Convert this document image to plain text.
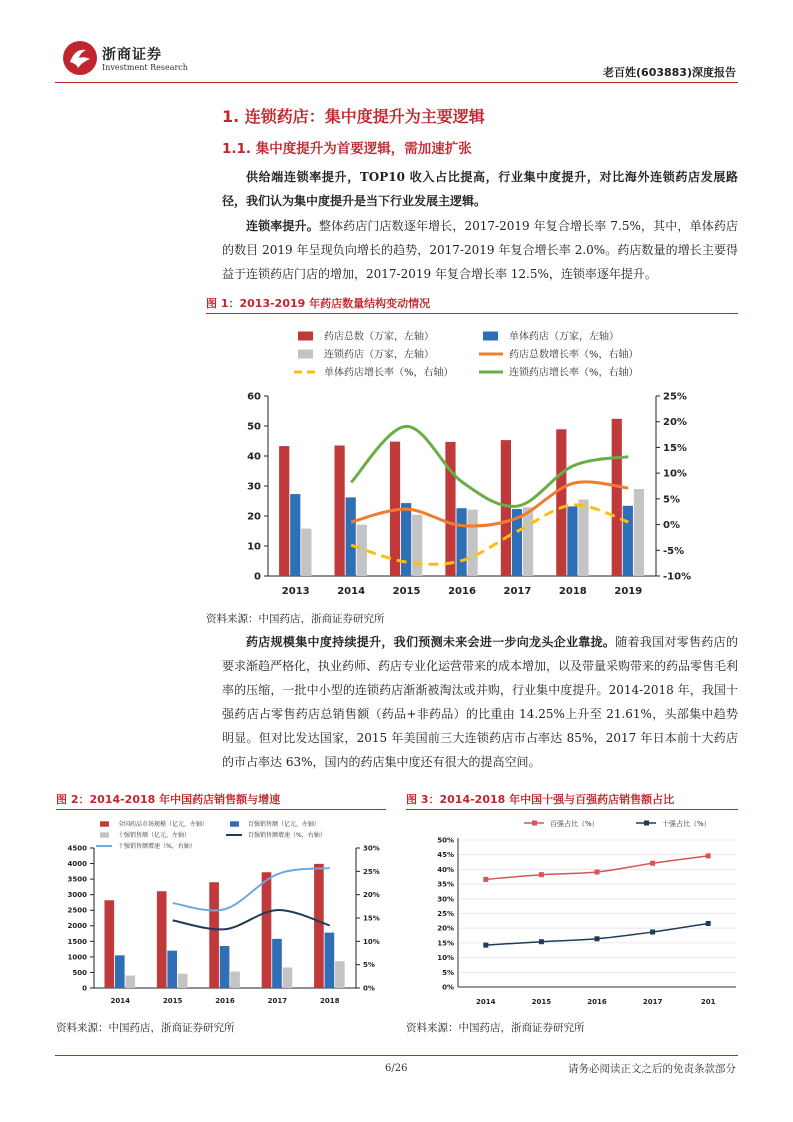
浙商证券
Investment Research	老百姓(603883)深度报告
1. 连锁药店：集中度提升为主要逻辑
1.1. 集中度提升为首要逻辑，需加速扩张
供给端连锁率提升，TOP10 收入占比提高，行业集中度提升，对比海外连锁药店发展路径，我们认为集中度提升是当下行业发展主逻辑。
连锁率提升。整体药店门店数逐年增长，2017-2019 年复合增长率 7.5%，其中，单体药店的数目 2019 年呈现负向增长的趋势，2017-2019 年复合增长率 2.0%。药店数量的增长主要得益于连锁药店门店的增加，2017-2019 年复合增长率 12.5%，连锁率逐年提升。
图 1：2013-2019 年药店数量结构变动情况
药店总数（万家，左轴）	单体药店（万家，左轴）
连锁药店（万家，左轴）	药店总数增长率（%，右轴）
单体药店增长率（%，右轴）	连锁药店增长率（%，右轴）
0
10
20
30
40
50
60
-10%
-5%
0%
5%
10%
15%
20%
25%
2013	2014	2015	2016	2017	2018	2019
资料来源：中国药店，浙商证券研究所
药店规模集中度持续提升，我们预测未来会进一步向龙头企业靠拢。随着我国对零售药店的要求渐趋严格化，执业药师、药店专业化运营带来的成本增加，以及带量采购带来的药品零售毛利率的压缩，一批中小型的连锁药店渐渐被淘汰或并购，行业集中度提升。2014-2018 年，我国十强药店占零售药店总销售额（药品+非药品）的比重由 14.25%上升至 21.61%，头部集中趋势明显。但对比发达国家，2015 年美国前三大连锁药店市占率达 85%，2017 年日本前十大药店的市占率达 63%，国内的药店集中度还有很大的提高空间。
图 2：2014-2018 年中国药店销售额与增速
全国药品市场规模（亿元，左轴）	百强销售额（亿元，左轴）
十强销售额（亿元，左轴）	百强销售额增速（%，右轴）
十强销售额增速（%，右轴）
0
500
1000
1500
2000
2500
3000
3500
4000
4500
0%
5%
10%
15%
20%
25%
30%
2014	2015	2016	2017	2018
资料来源：中国药店，浙商证券研究所
图 3：2014-2018 年中国十强与百强药店销售额占比
百强占比（%）	十强占比（%）
0%
5%
10%
15%
20%
25%
30%
35%
40%
45%
50%
2014	2015	2016	2017	201
资料来源：中国药店，浙商证券研究所
6/26	请务必阅读正文之后的免责条款部分
